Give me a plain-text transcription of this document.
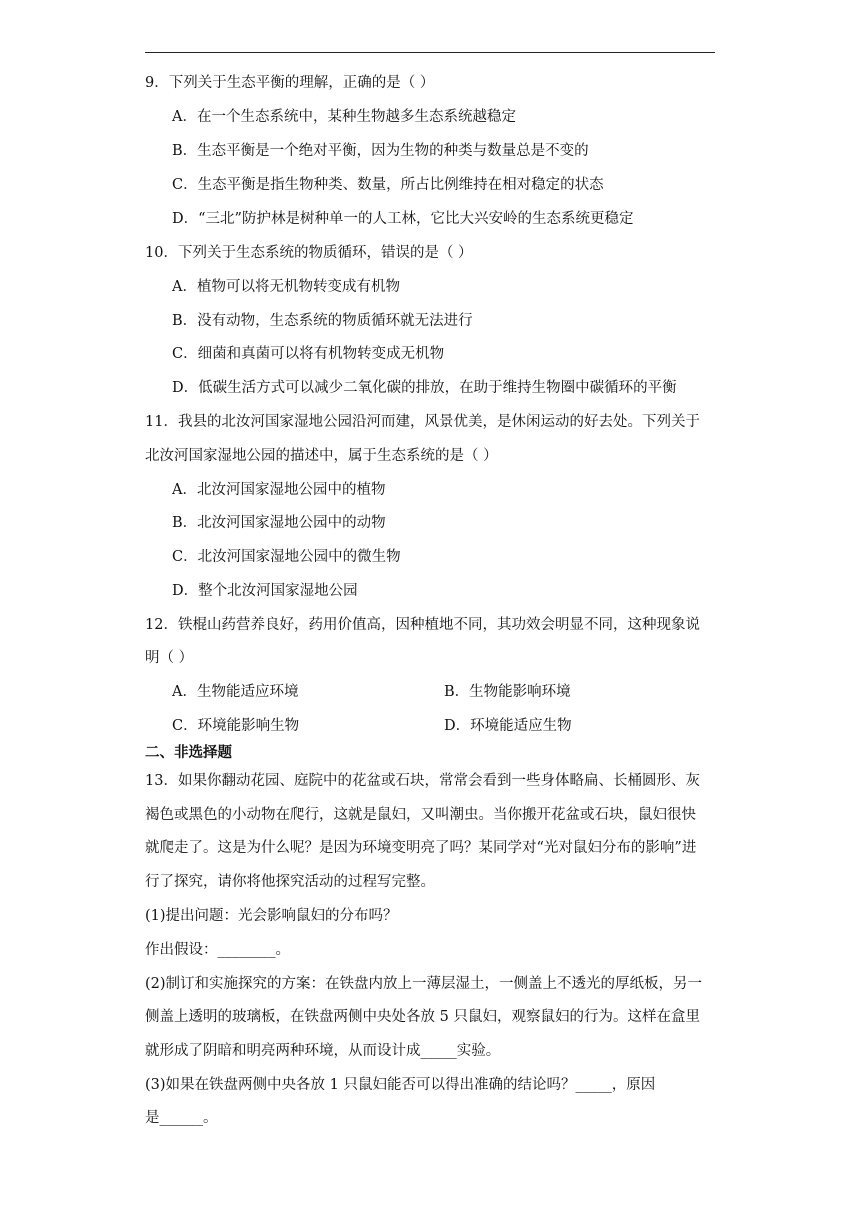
9．下列关于生态平衡的理解，正确的是（ ）
A．在一个生态系统中，某种生物越多生态系统越稳定
B．生态平衡是一个绝对平衡，因为生物的种类与数量总是不变的
C．生态平衡是指生物种类、数量，所占比例维持在相对稳定的状态
D．“三北”防护林是树种单一的人工林，它比大兴安岭的生态系统更稳定
10．下列关于生态系统的物质循环，错误的是（ ）
A．植物可以将无机物转变成有机物
B．没有动物，生态系统的物质循环就无法进行
C．细菌和真菌可以将有机物转变成无机物
D．低碳生活方式可以减少二氧化碳的排放，在助于维持生物圈中碳循环的平衡
11．我县的北汝河国家湿地公园沿河而建，风景优美，是休闲运动的好去处。下列关于
北汝河国家湿地公园的描述中，属于生态系统的是（ ）
A．北汝河国家湿地公园中的植物
B．北汝河国家湿地公园中的动物
C．北汝河国家湿地公园中的微生物
D．整个北汝河国家湿地公园
12．铁棍山药营养良好，药用价值高，因种植地不同，其功效会明显不同，这种现象说
明（ ）
A．生物能适应环境	B．生物能影响环境
C．环境能影响生物	D．环境能适应生物
二、非选择题
13．如果你翻动花园、庭院中的花盆或石块，常常会看到一些身体略扁、长桶圆形、灰
褐色或黑色的小动物在爬行，这就是鼠妇，又叫潮虫。当你搬开花盆或石块，鼠妇很快
就爬走了。这是为什么呢？是因为环境变明亮了吗？某同学对“光对鼠妇分布的影响”进
行了探究，请你将他探究活动的过程写完整。
(1)提出问题：光会影响鼠妇的分布吗？
作出假设：________。
(2)制订和实施探究的方案：在铁盘内放上一薄层湿土，一侧盖上不透光的厚纸板，另一
侧盖上透明的玻璃板，在铁盘两侧中央处各放 5 只鼠妇，观察鼠妇的行为。这样在盒里
就形成了阴暗和明亮两种环境，从而设计成_____实验。
(3)如果在铁盘两侧中央各放 1 只鼠妇能否可以得出准确的结论吗？_____，原因
是______。
